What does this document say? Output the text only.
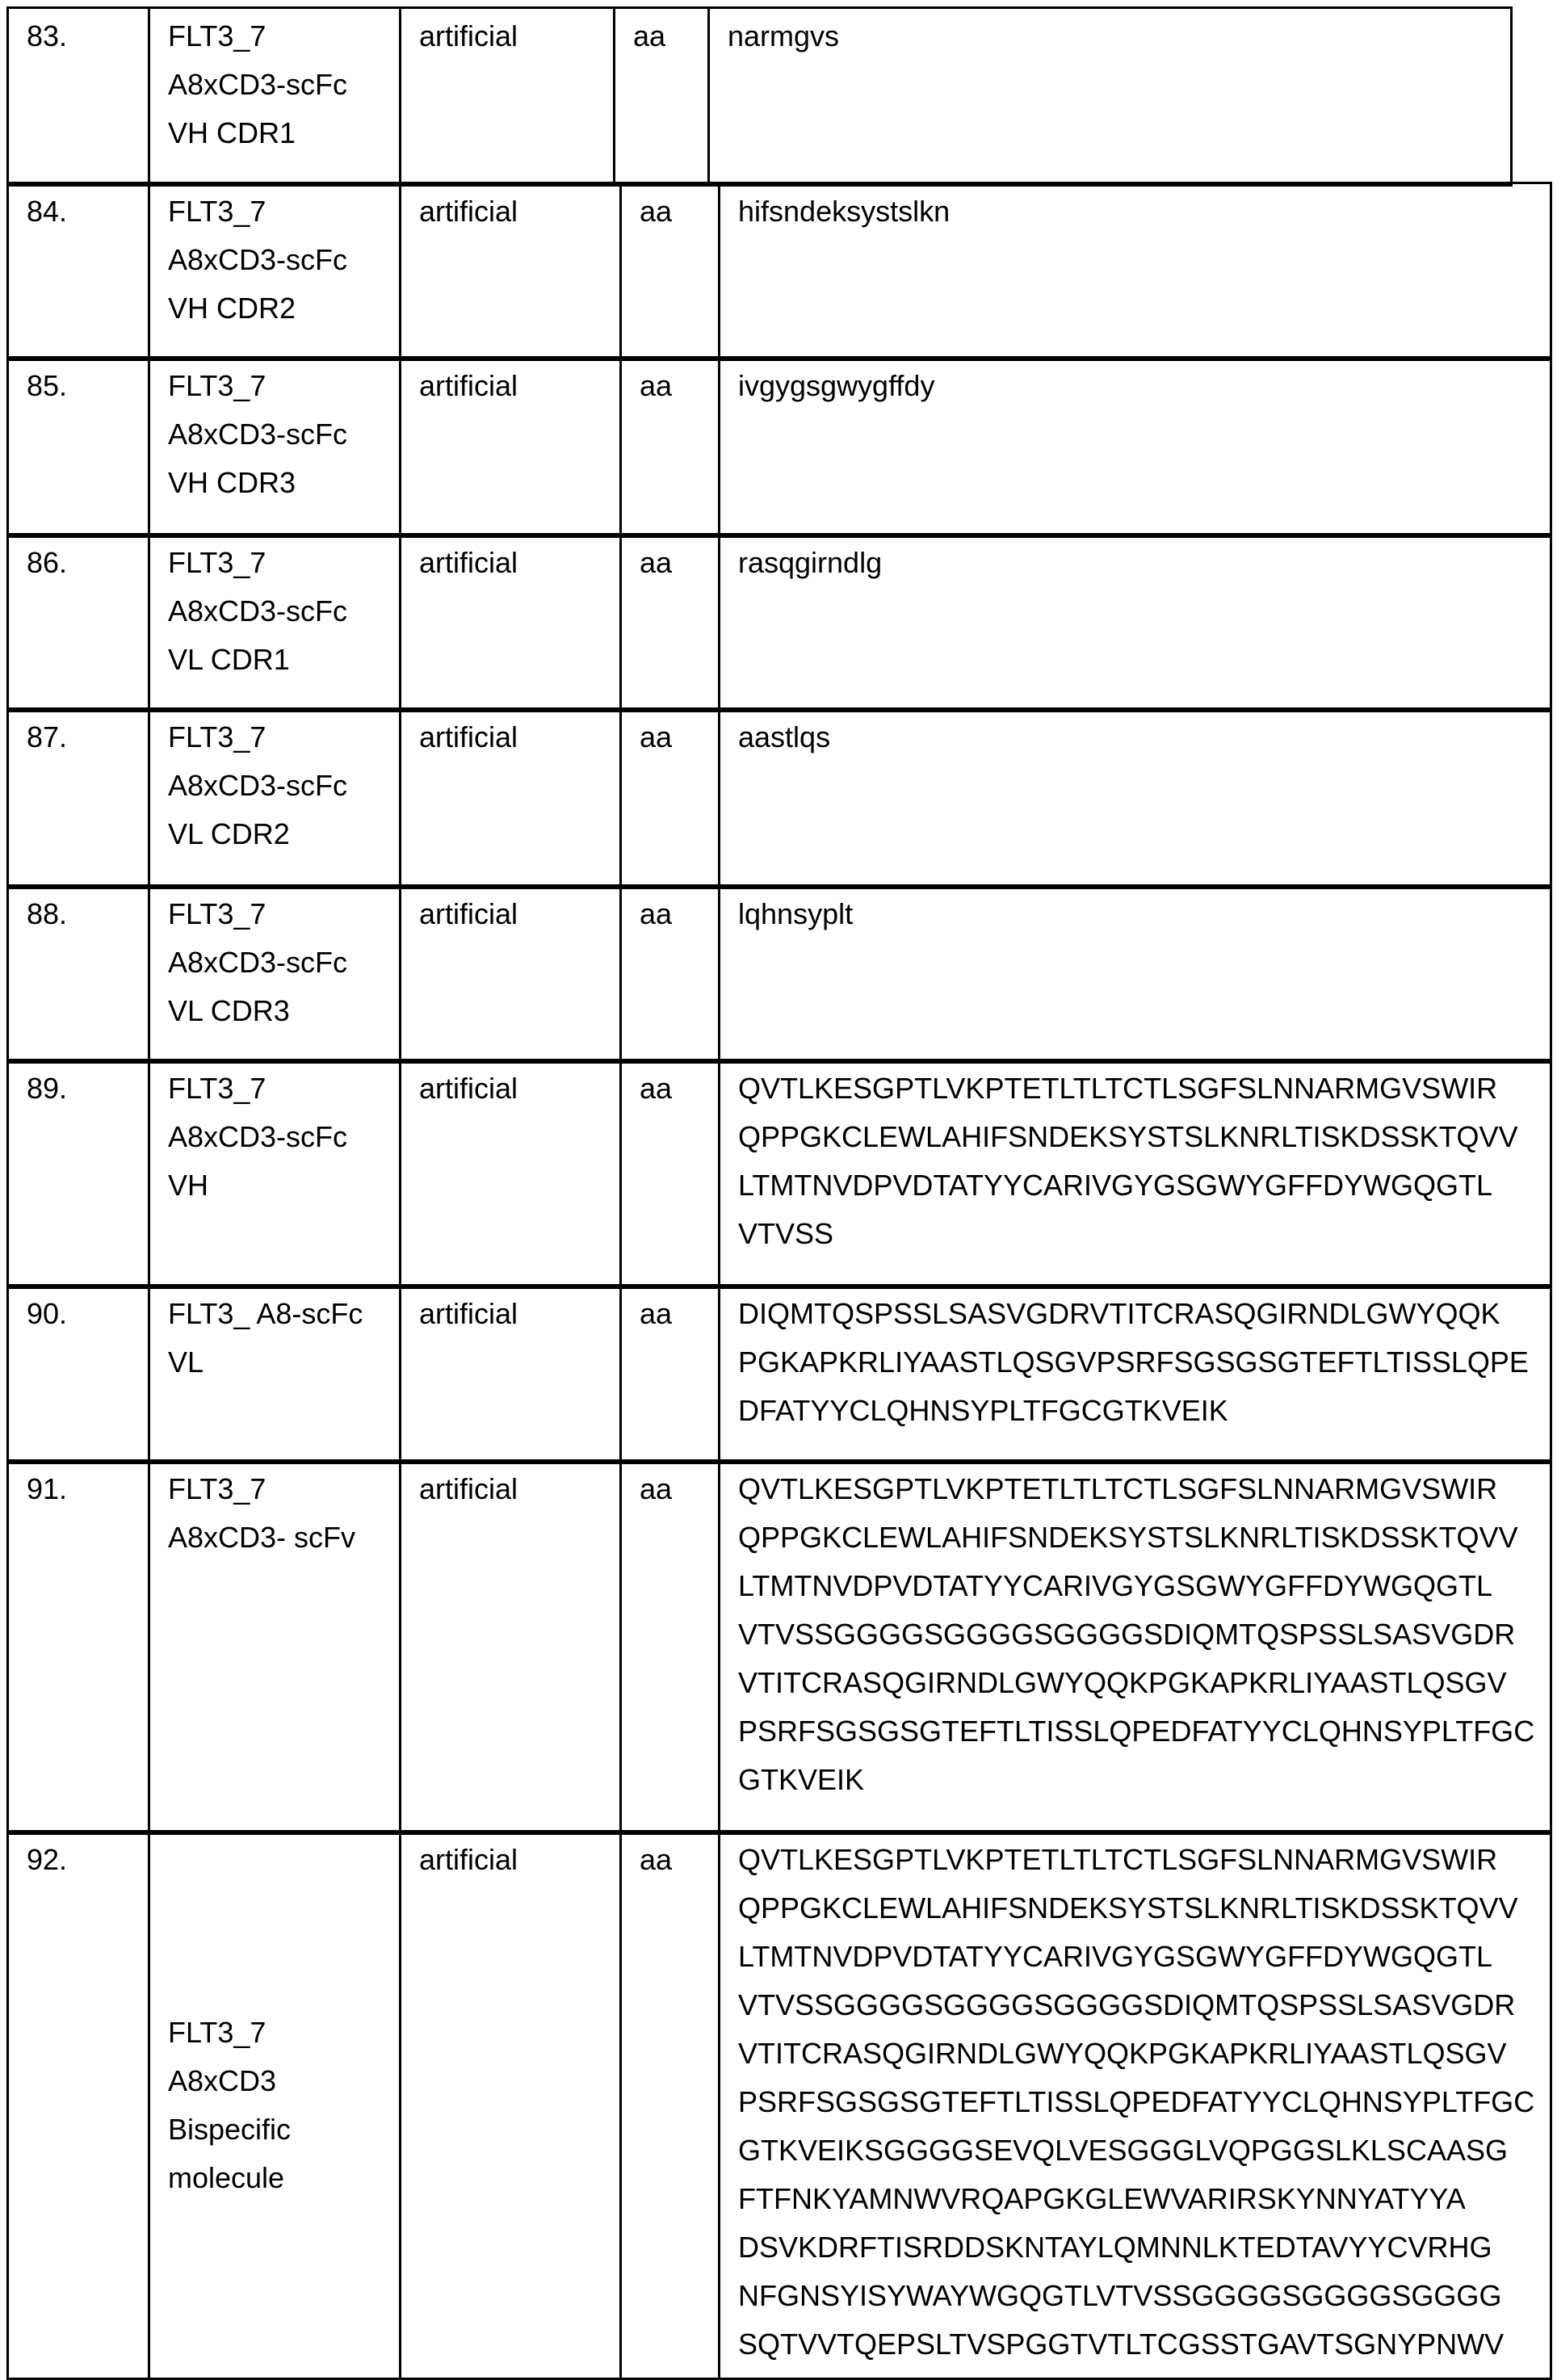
83.	FLT3_7
A8xCD3-scFc
VH CDR1
artificial	aa	narmgvs
84.	FLT3_7
A8xCD3-scFc
VH CDR2
artificial	aa	hifsndeksystslkn
85.	FLT3_7
A8xCD3-scFc
VH CDR3
artificial	aa	ivgygsgwygffdy
86.	FLT3_7
A8xCD3-scFc
VL CDR1
artificial	aa	rasqgirndlg
87.	FLT3_7
A8xCD3-scFc
VL CDR2
artificial	aa	aastlqs
88.	FLT3_7
A8xCD3-scFc
VL CDR3
artificial	aa	lqhnsyplt
89.	FLT3_7
A8xCD3-scFc
VH
artificial	aa	QVTLKESGPTLVKPTETLTLTCTLSGFSLNNARMGVSWIR
QPPGKCLEWLAHIFSNDEKSYSTSLKNRLTISKDSSKTQVV
LTMTNVDPVDTATYYCARIVGYGSGWYGFFDYWGQGTL
VTVSS
90.	FLT3_ A8-scFc
VL
artificial	aa	DIQMTQSPSSLSASVGDRVTITCRASQGIRNDLGWYQQK
PGKAPKRLIYAASTLQSGVPSRFSGSGSGTEFTLTISSLQPE
DFATYYCLQHNSYPLTFGCGTKVEIK
91.	FLT3_7
A8xCD3- scFv
artificial	aa	QVTLKESGPTLVKPTETLTLTCTLSGFSLNNARMGVSWIR
QPPGKCLEWLAHIFSNDEKSYSTSLKNRLTISKDSSKTQVV
LTMTNVDPVDTATYYCARIVGYGSGWYGFFDYWGQGTL
VTVSSGGGGSGGGGSGGGGSDIQMTQSPSSLSASVGDR
VTITCRASQGIRNDLGWYQQKPGKAPKRLIYAASTLQSGV
PSRFSGSGSGTEFTLTISSLQPEDFATYYCLQHNSYPLTFGC
GTKVEIK
92.
FLT3_7
A8xCD3
Bispecific
molecule
artificial	aa	QVTLKESGPTLVKPTETLTLTCTLSGFSLNNARMGVSWIR
QPPGKCLEWLAHIFSNDEKSYSTSLKNRLTISKDSSKTQVV
LTMTNVDPVDTATYYCARIVGYGSGWYGFFDYWGQGTL
VTVSSGGGGSGGGGSGGGGSDIQMTQSPSSLSASVGDR
VTITCRASQGIRNDLGWYQQKPGKAPKRLIYAASTLQSGV
PSRFSGSGSGTEFTLTISSLQPEDFATYYCLQHNSYPLTFGC
GTKVEIKSGGGGSEVQLVESGGGLVQPGGSLKLSCAASG
FTFNKYAMNWVRQAPGKGLEWVARIRSKYNNYATYYA
DSVKDRFTISRDDSKNTAYLQMNNLKTEDTAVYYCVRHG
NFGNSYISYWAYWGQGTLVTVSSGGGGSGGGGSGGGG
SQTVVTQEPSLTVSPGGTVTLTCGSSTGAVTSGNYPNWV
